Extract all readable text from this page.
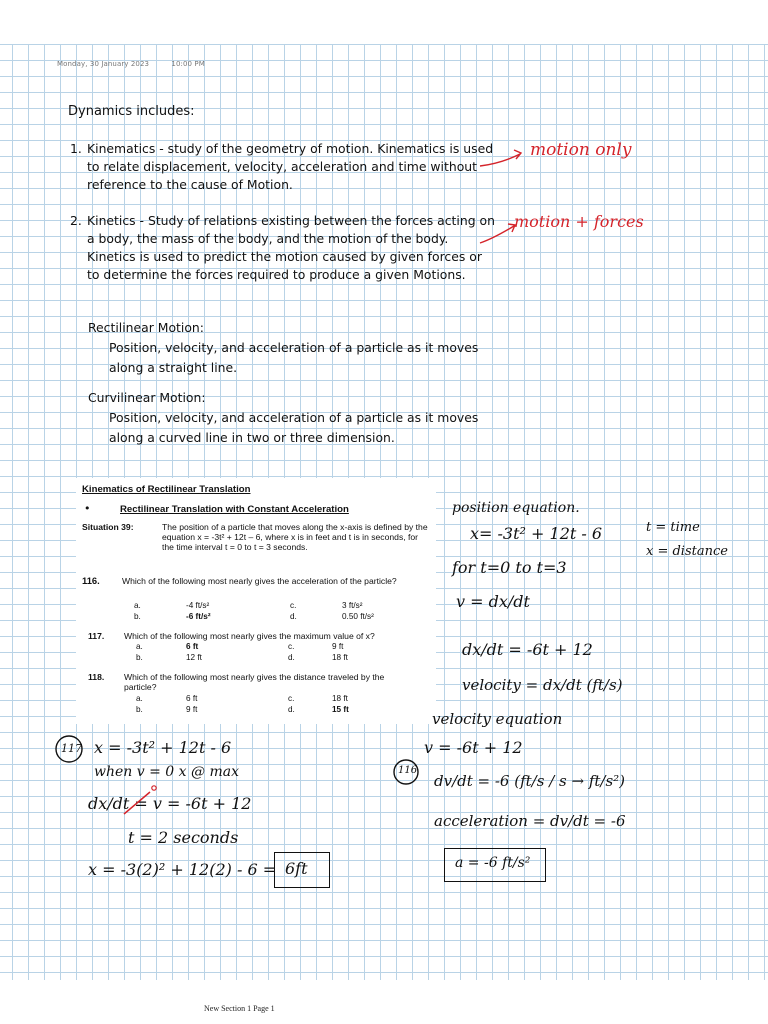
Monday, 30 January 2023	10:00 PM
Dynamics includes:
1. Kinematics - study of the geometry of motion. Kinematics is used to relate displacement, velocity, acceleration and time without reference to the cause of Motion.
2. Kinetics - Study of relations existing between the forces acting on a body, the mass of the body, and the motion of the body. Kinetics is used to predict the motion caused by given forces or to determine the forces required to produce a given Motions.
motion only
motion + forces
Rectilinear Motion:
Position, velocity, and acceleration of a particle as it moves along a straight line.
Curvilinear Motion:
Position, velocity, and acceleration of a particle as it moves along a curved line in two or three dimension.
Kinematics of Rectilinear Translation
•	Rectilinear Translation with Constant Acceleration
Situation 39:	The position of a particle that moves along the x-axis is defined by the equation x = -3t² + 12t – 6, where x is in feet and t is in seconds, for the time interval t = 0 to t = 3 seconds.
116.	Which of the following most nearly gives the acceleration of the particle?
a.	-4 ft/s²
b.	-6 ft/s²
c.	3 ft/s²
d.	0.50 ft/s²
117. Which of the following most nearly gives the maximum value of x?
a.	6 ft
b.	12 ft
c.	9 ft
d.	18 ft
118. Which of the following most nearly gives the distance traveled by the particle?
a.	6 ft
b.	9 ft
c.	18 ft
d.	15 ft
position equation.
x= -3t² + 12t - 6	t = time
x = distance
for t=0 to t=3
v = dx/dt
dx/dt = -6t + 12
velocity = dx/dt (ft/s)
velocity equation
v = -6t + 12
117 x = -3t² + 12t - 6
when v = 0 x @ max
dx/dt = v = -6t + 12
t = 2 seconds
x = -3(2)² + 12(2) - 6 = 6ft
116
dv/dt = -6 (ft/s / s → ft/s²)
acceleration = dv/dt = -6
a = -6 ft/s²
New Section 1 Page 1
